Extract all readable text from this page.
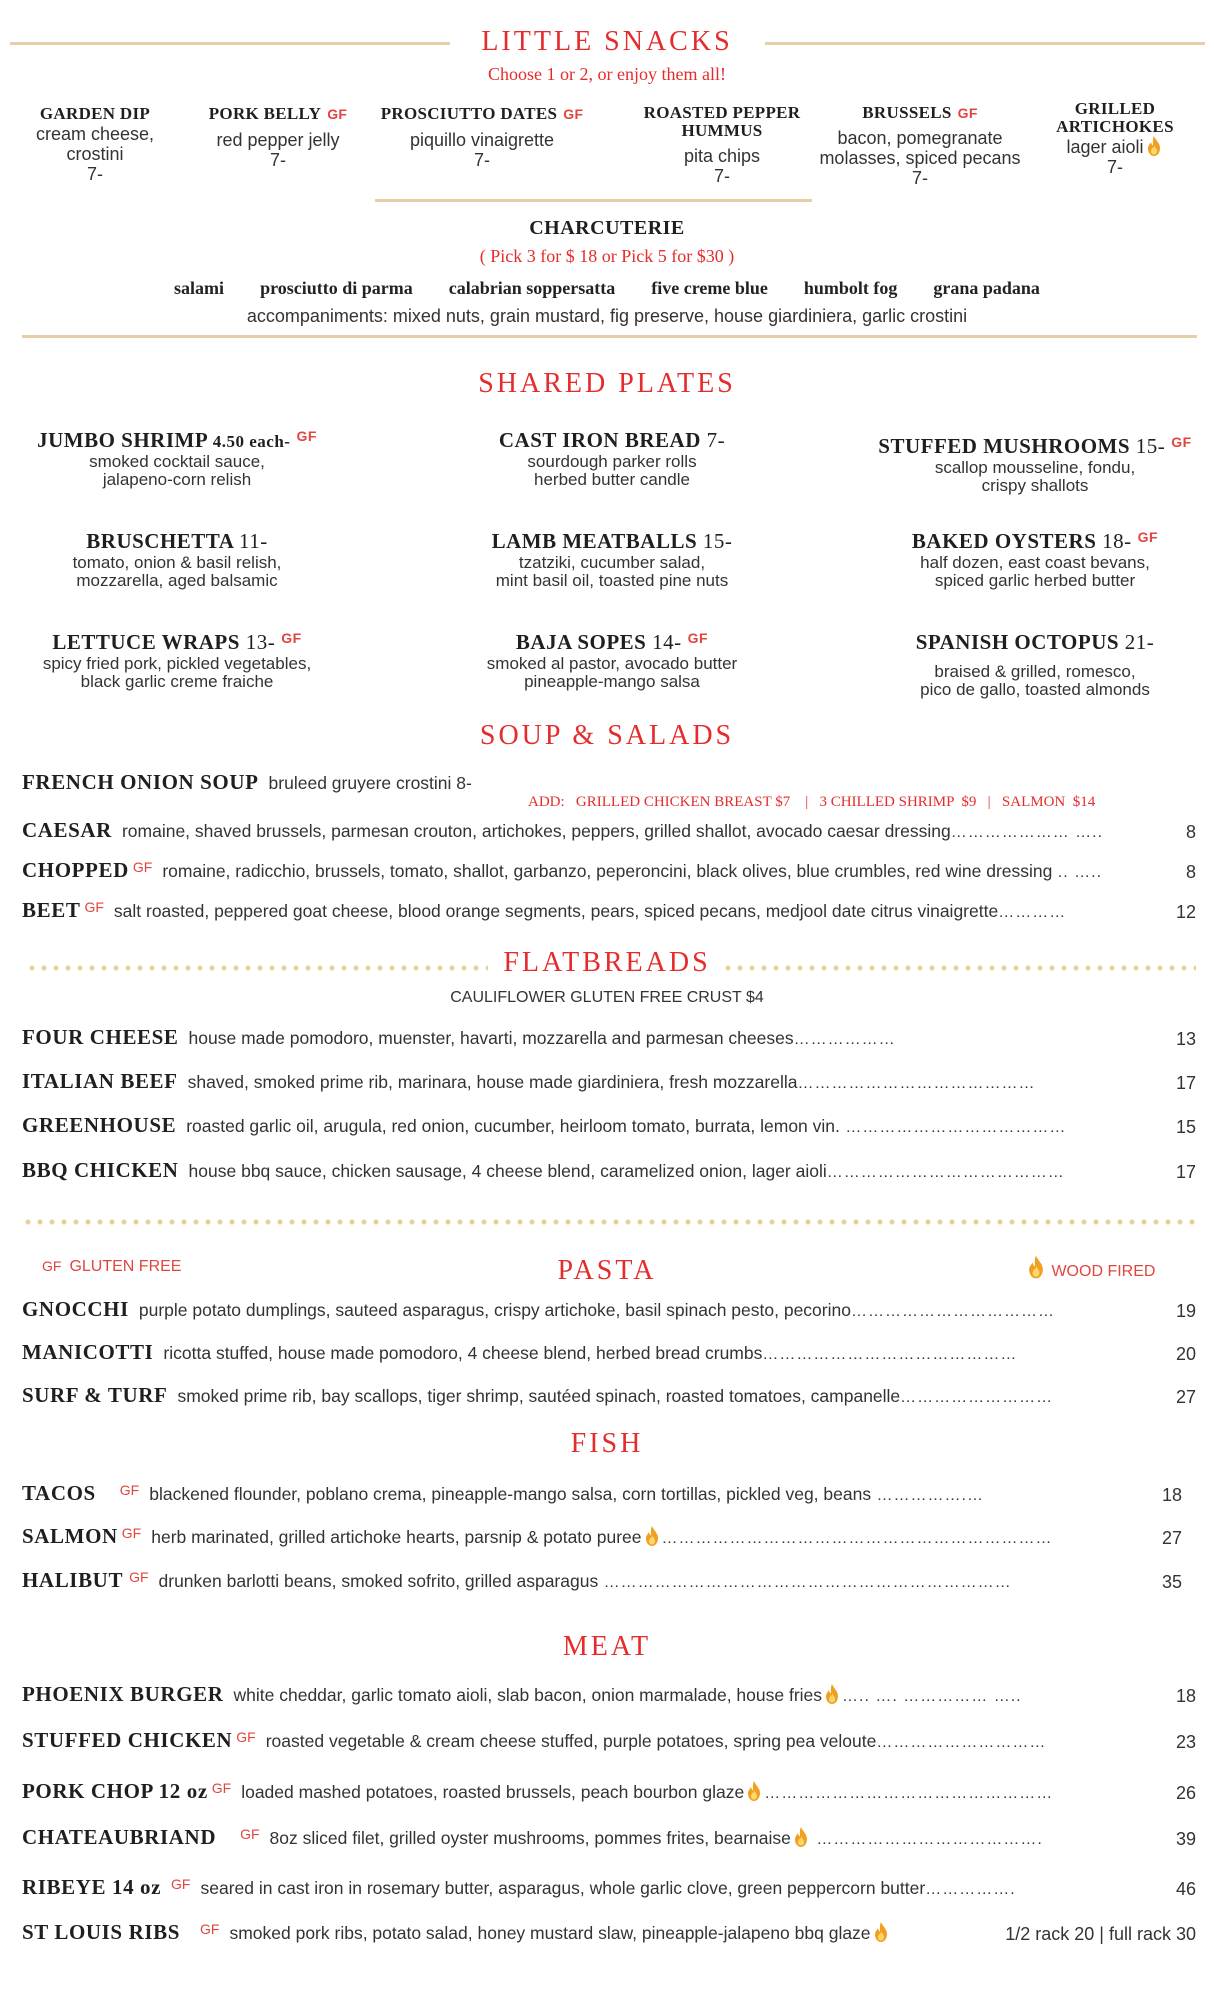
LITTLE SNACKS
Choose 1 or 2, or enjoy them all!
GARDEN DIP
cream cheese,
crostini
7-
PORK BELLY GF
red pepper jelly
7-
PROSCIUTTO DATES GF
piquillo vinaigrette
7-
ROASTED PEPPER
HUMMUS
pita chips
7-
BRUSSELS GF
bacon, pomegranate
molasses, spiced pecans
7-
GRILLED
ARTICHOKES
lager aioli
7-
CHARCUTERIE
( Pick 3 for $ 18 or Pick 5 for $30 )
salami prosciutto di parma calabrian soppersatta five creme blue humbolt fog grana padana
accompaniments: mixed nuts, grain mustard, fig preserve, house giardiniera, garlic crostini
SHARED PLATES
JUMBO SHRIMP 4.50 each- $^{GF}$
smoked cocktail sauce,
jalapeno-corn relish
CAST IRON BREAD 7-
sourdough parker rolls
herbed butter candle
STUFFED MUSHROOMS 15- $^{GF}$
scallop mousseline, fondu,
crispy shallots
BRUSCHETTA 11-
tomato, onion & basil relish,
mozzarella, aged balsamic
LAMB MEATBALLS 15-
tzatziki, cucumber salad,
mint basil oil, toasted pine nuts
BAKED OYSTERS 18- $^{GF}$
half dozen, east coast bevans,
spiced garlic herbed butter
LETTUCE WRAPS 13- $^{GF}$
spicy fried pork, pickled vegetables,
black garlic creme fraiche
BAJA SOPES 14- $^{GF}$
smoked al pastor, avocado butter
pineapple-mango salsa
SPANISH OCTOPUS 21-
braised & grilled, romesco,
pico de gallo, toasted almonds
SOUP & SALADS
ADD:   GRILLED CHICKEN BREAST $7    |   3 CHILLED SHRIMP  $9   |   SALMON  $14
FRENCH ONION SOUP bruleed gruyere crostini 8-
CAESAR romaine, shaved brussels, parmesan crouton, artichokes, peppers, grilled shallot, avocado caesar dressing………………… …..	8
CHOPPED GF romaine, radicchio, brussels, tomato, shallot, garbanzo, peperoncini, black olives, blue crumbles, red wine dressing .. …..	8
BEET GF salt roasted, peppered goat cheese, blood orange segments, pears, spiced pecans, medjool date citrus vinaigrette…………	12
FLATBREADS
CAULIFLOWER GLUTEN FREE CRUST $4
FOUR CHEESE house made pomodoro, muenster, havarti, mozzarella and parmesan cheeses………………	13
ITALIAN BEEF shaved, smoked prime rib, marinara, house made giardiniera, fresh mozzarella……………………………………	17
GREENHOUSE roasted garlic oil, arugula, red onion, cucumber, heirloom tomato, burrata, lemon vin. …………………………………	15
BBQ CHICKEN house bbq sauce, chicken sausage, 4 cheese blend, caramelized onion, lager aioli……………………………………	17
GF GLUTEN FREE	PASTA	WOOD FIRED
GNOCCHI purple potato dumplings, sauteed asparagus, crispy artichoke, basil spinach pesto, pecorino………………………………	19
MANICOTTI ricotta stuffed, house made pomodoro, 4 cheese blend, herbed bread crumbs………………………………………	20
SURF & TURF smoked prime rib, bay scallops, tiger shrimp, sautéed spinach, roasted tomatoes, campanelle………………………	27
FISH
TACOS GF blackened flounder, poblano crema, pineapple-mango salsa, corn tortillas, pickled veg, beans …………….…	18
SALMON GF herb marinated, grilled artichoke hearts, parsnip & potato puree ……………………………………………………………	27
HALIBUT GF drunken barlotti beans, smoked sofrito, grilled asparagus ………………………………………………………………	35
MEAT
PHOENIX BURGER white cheddar, garlic tomato aioli, slab bacon, onion marmalade, house fries ….. …. …………… …..	18
STUFFED CHICKEN GF roasted vegetable & cream cheese stuffed, purple potatoes, spring pea veloute…………………………	23
PORK CHOP 12 oz GF loaded mashed potatoes, roasted brussels, peach bourbon glaze ……………………………………………	26
CHATEAUBRIAND GF 8oz sliced filet, grilled oyster mushrooms, pommes frites, bearnaise ………………………………….	39
RIBEYE 14 oz GF seared in cast iron in rosemary butter, asparagus, whole garlic clove, green peppercorn butter…………….	46
ST LOUIS RIBS GF smoked pork ribs, potato salad, honey mustard slaw, pineapple-jalapeno bbq glaze	1/2 rack 20 | full rack 30
